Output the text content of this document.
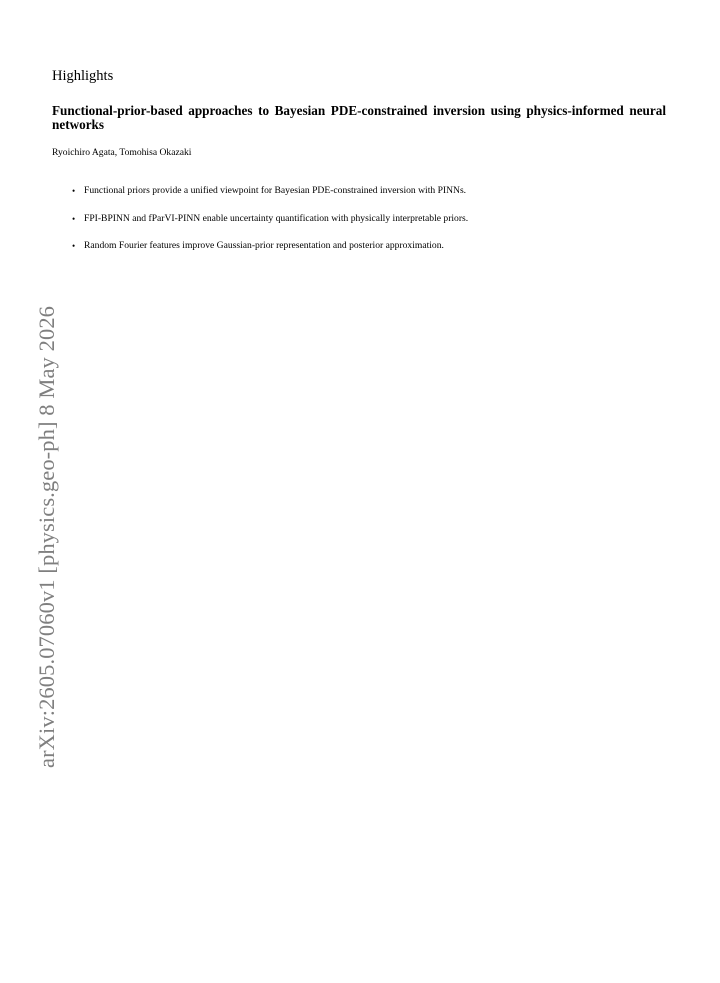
arXiv:2605.07060v1 [physics.geo-ph] 8 May 2026
Highlights
Functional-prior-based approaches to Bayesian PDE-constrained inversion using physics-informed neural networks
Ryoichiro Agata, Tomohisa Okazaki
• Functional priors provide a unified viewpoint for Bayesian PDE-constrained inversion with PINNs.
• FPI-BPINN and fParVI-PINN enable uncertainty quantification with physically interpretable priors.
• Random Fourier features improve Gaussian-prior representation and posterior approximation.
